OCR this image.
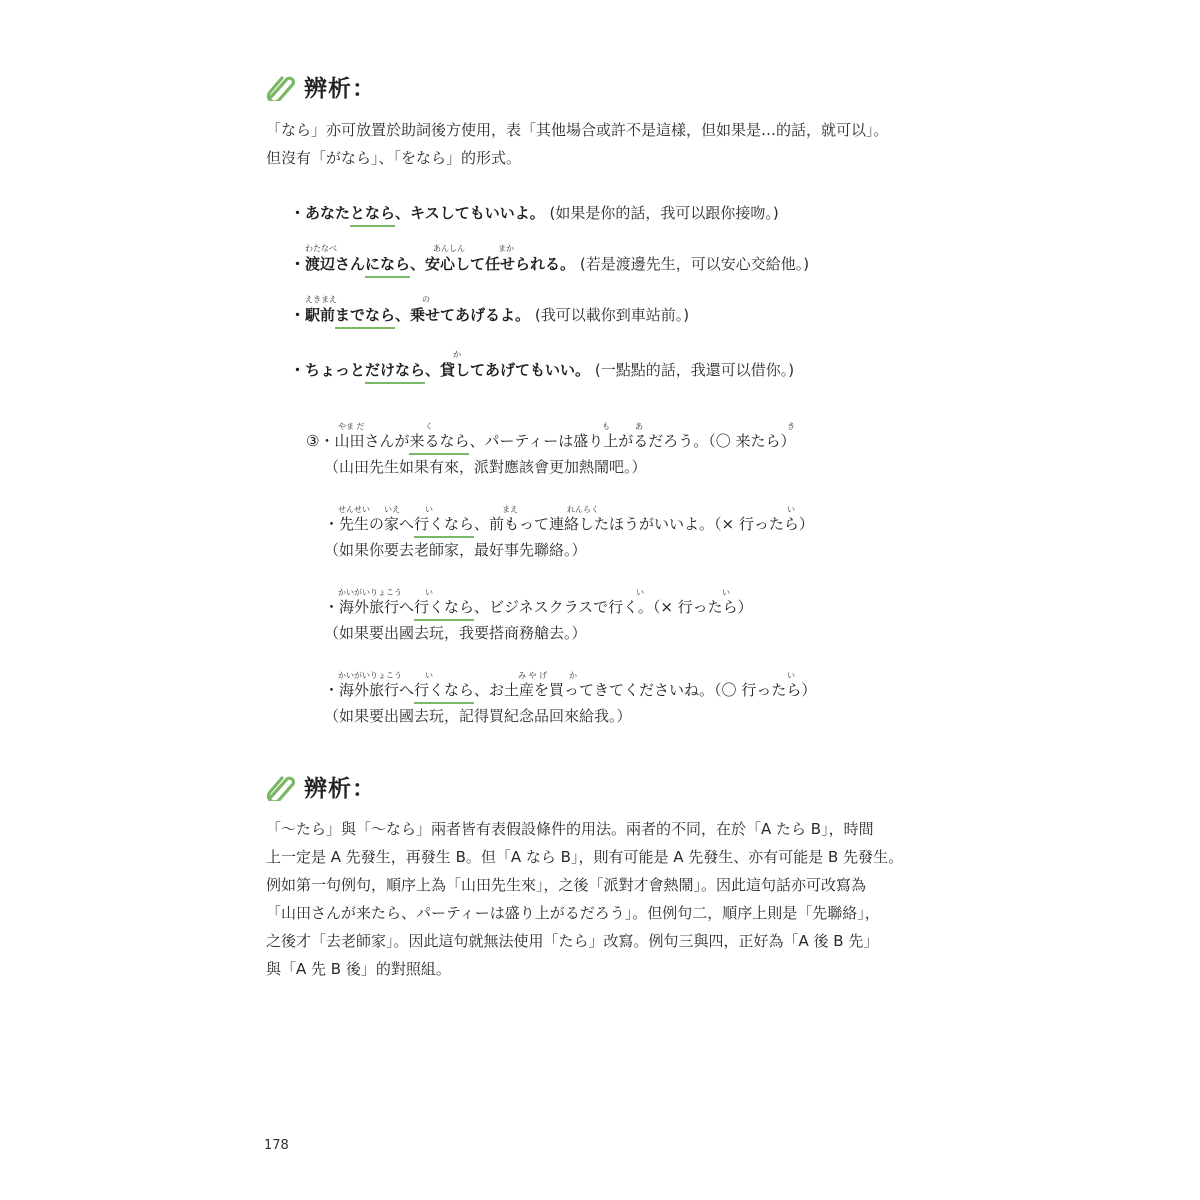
辨析：

「なら」亦可放置於助詞後方使用，表「其他場合或許不是這樣，但如果是…的話，就可以」。

但沒有「がなら」、「をなら」的形式。

・あなたとなら、キスしてもいいよ。 (如果是你的話，我可以跟你接吻。)
わたなべ	あんしん	まか
・渡辺さんになら、安心して任せられる。 (若是渡邊先生，可以安心交給他。)
えきまえ	の
・駅前までなら、乗せてあげるよ。 (我可以載你到車站前。)
か
・ちょっとだけなら、貸してあげてもいい。 (一點點的話，我還可以借你。)
やま だ	く	も	あ	き
③・山田さんが来るなら、パーティーは盛り上がるだろう。（〇 来たら）
（山田先生如果有來，派對應該會更加熱鬧吧。）
せんせい いえ	い	まえ	れんらく	い
・先生の家へ行くなら、前もって連絡したほうがいいよ。（× 行ったら）
（如果你要去老師家，最好事先聯絡。）
かいがいりょこう	い	い	い
・海外旅行へ行くなら、ビジネスクラスで行く。（× 行ったら）
（如果要出國去玩，我要搭商務艙去。）
かいがいりょこう	い	み や げ	か	い
・海外旅行へ行くなら、お土産を買ってきてくださいね。（〇 行ったら）
（如果要出國去玩，記得買紀念品回來給我。）
辨析：

「～たら」與「～なら」兩者皆有表假設條件的用法。兩者的不同，在於「A たら B」，時間

上一定是 A 先發生，再發生 B。但「A なら B」，則有可能是 A 先發生、亦有可能是 B 先發生。

例如第一句例句，順序上為「山田先生來」，之後「派對才會熱鬧」。因此這句話亦可改寫為

「山田さんが来たら、パーティーは盛り上がるだろう」。但例句二，順序上則是「先聯絡」，

之後才「去老師家」。因此這句就無法使用「たら」改寫。例句三與四，正好為「A 後 B 先」

與「A 先 B 後」的對照組。

178
